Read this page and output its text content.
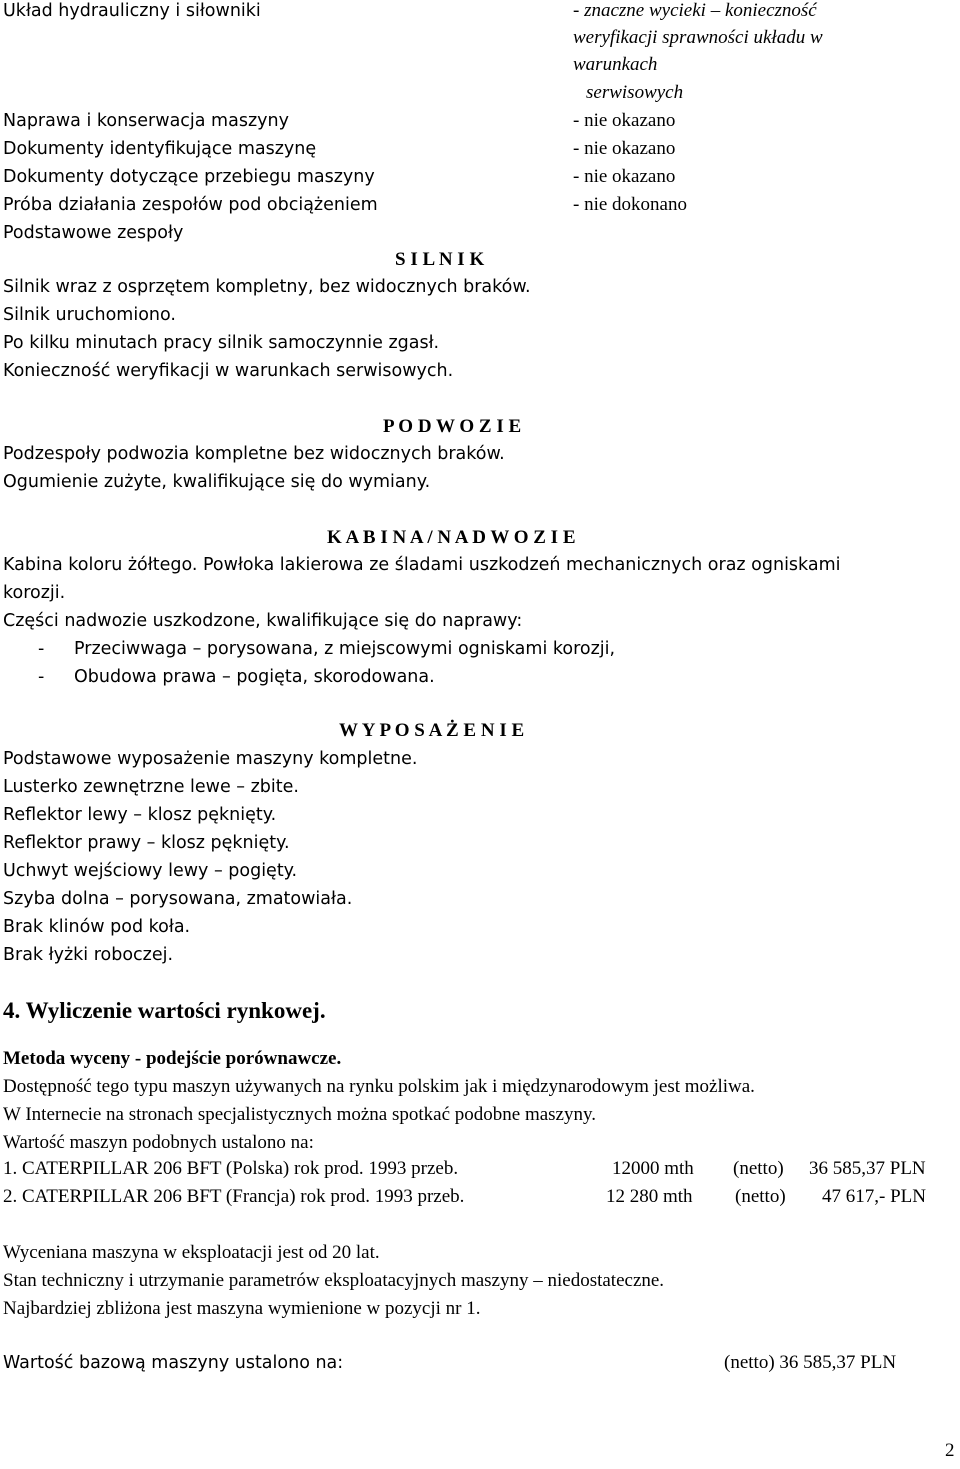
Układ hydrauliczny i siłowniki	- znaczne wycieki – konieczność
weryfikacji sprawności układu w
warunkach
serwisowych
Naprawa i konserwacja maszyny	- nie okazano
Dokumenty identyfikujące maszynę	- nie okazano
Dokumenty dotyczące przebiegu maszyny	- nie okazano
Próba działania zespołów pod obciążeniem	- nie dokonano
Podstawowe zespoły
S I L N I K
Silnik wraz z osprzętem kompletny, bez widocznych braków.
Silnik uruchomiono.
Po kilku minutach pracy silnik samoczynnie zgasł.
Konieczność weryfikacji w warunkach serwisowych.
P O D W O Z I E
Podzespoły podwozia kompletne bez widocznych braków.
Ogumienie zużyte, kwalifikujące się do wymiany.
K A B I N A / N A D W O Z I E
Kabina koloru żółtego. Powłoka lakierowa ze śladami uszkodzeń mechanicznych oraz ogniskami
korozji.
Części nadwozie uszkodzone, kwalifikujące się do naprawy:
- Przeciwwaga – porysowana, z miejscowymi ogniskami korozji,
- Obudowa prawa – pogięta, skorodowana.
W Y P O S A Ż E N I E
Podstawowe wyposażenie maszyny kompletne.
Lusterko zewnętrzne lewe – zbite.
Reflektor lewy – klosz pęknięty.
Reflektor prawy – klosz pęknięty.
Uchwyt wejściowy lewy – pogięty.
Szyba dolna – porysowana, zmatowiała.
Brak klinów pod koła.
Brak łyżki roboczej.
4. Wyliczenie wartości rynkowej.
Metoda wyceny - podejście porównawcze.
Dostępność tego typu maszyn używanych na rynku polskim jak i międzynarodowym jest możliwa.
W Internecie na stronach specjalistycznych można spotkać podobne maszyny.
Wartość maszyn podobnych ustalono na:
1. CATERPILLAR 206 BFT (Polska) rok prod. 1993 przeb.	12000 mth (netto) 36 585,37 PLN
2. CATERPILLAR 206 BFT (Francja) rok prod. 1993 przeb.	12 280 mth (netto) 47 617,- PLN
Wyceniana maszyna w eksploatacji jest od 20 lat.
Stan techniczny i utrzymanie parametrów eksploatacyjnych maszyny – niedostateczne.
Najbardziej zbliżona jest maszyna wymienione w pozycji nr 1.
Wartość bazową maszyny ustalono na:	(netto) 36 585,37 PLN
2
